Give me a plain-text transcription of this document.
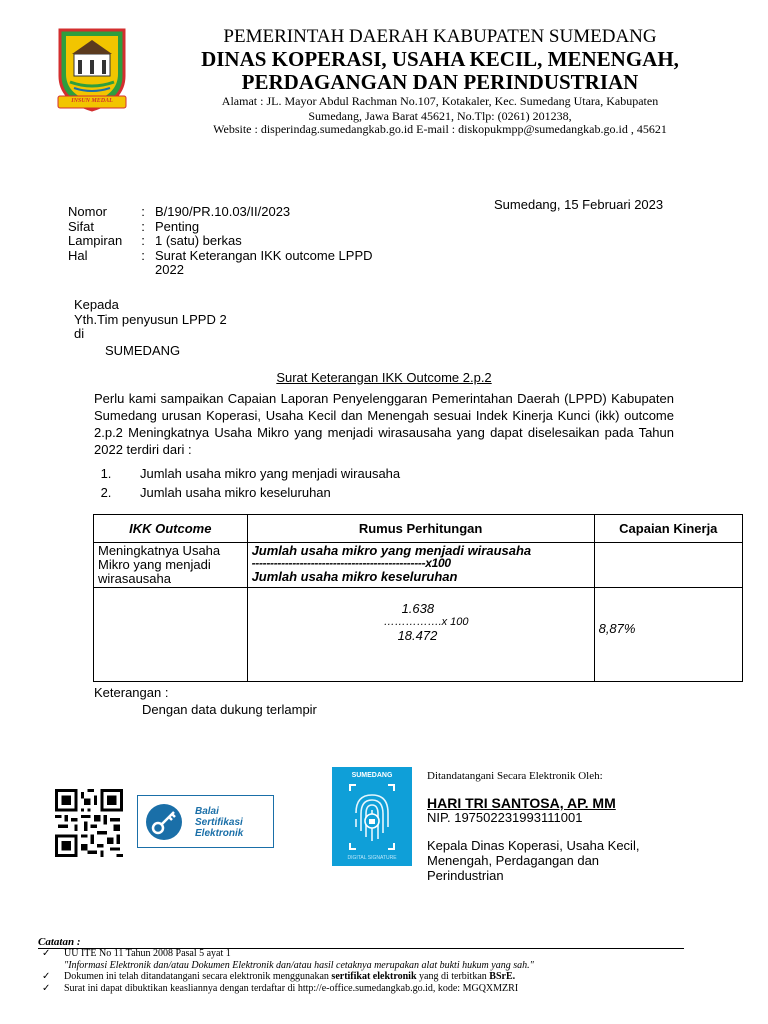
INSUN MEDAL
PEMERINTAH DAERAH KABUPATEN SUMEDANG
DINAS KOPERASI, USAHA KECIL, MENENGAH,
PERDAGANGAN DAN PERINDUSTRIAN
Alamat : JL. Mayor Abdul Rachman No.107, Kotakaler, Kec. Sumedang Utara, Kabupaten
Sumedang, Jawa Barat 45621, No.Tlp: (0261) 201238,
Website : disperindag.sumedangkab.go.id E-mail : diskopukmpp@sumedangkab.go.id , 45621
Sumedang, 15 Februari 2023
Nomor	: B/190/PR.10.03/II/2023
Sifat	: Penting
Lampiran	: 1 (satu) berkas
Hal	: Surat Keterangan IKK outcome LPPD 2022
Kepada
Yth.Tim penyusun LPPD 2
di
SUMEDANG
Surat Keterangan IKK Outcome 2.p.2
Perlu kami sampaikan Capaian Laporan Penyelenggaran Pemerintahan Daerah (LPPD) Kabupaten Sumedang urusan Koperasi, Usaha Kecil dan Menengah sesuai Indek Kinerja Kunci (ikk) outcome 2.p.2 Meningkatnya Usaha Mikro yang menjadi wirasausaha yang dapat diselesaikan pada Tahun 2022 terdiri dari :
1.	Jumlah usaha mikro yang menjadi wirausaha
2.	Jumlah usaha mikro keseluruhan
IKK Outcome	Rumus Perhitungan	Capaian Kinerja
Meningkatnya Usaha Mikro yang menjadi wirasausaha	Jumlah usaha mikro yang menjadi wirausaha
-----------------------------------------------x100
Jumlah usaha mikro keseluruhan	

	1.638
…………….x 100
18.472	8,87%
Keterangan :
Dengan data dukung terlampir
Balai
Sertifikasi
Elektronik
SUMEDANG
DIGITAL SIGNATURE
Ditandatangani Secara Elektronik Oleh:
HARI TRI SANTOSA, AP. MM
NIP. 197502231993111001
Kepala Dinas Koperasi, Usaha Kecil, Menengah, Perdagangan dan Perindustrian
Catatan :
✓	UU ITE No 11 Tahun 2008 Pasal 5 ayat 1
"Informasi Elektronik dan/atau Dokumen Elektronik dan/atau hasil cetaknya merupakan alat bukti hukum yang sah."
✓	Dokumen ini telah ditandatangani secara elektronik menggunakan sertifikat elektronik yang di terbitkan BSrE.
✓	Surat ini dapat dibuktikan keasliannya dengan terdaftar di http://e-office.sumedangkab.go.id, kode: MGQXMZRI
